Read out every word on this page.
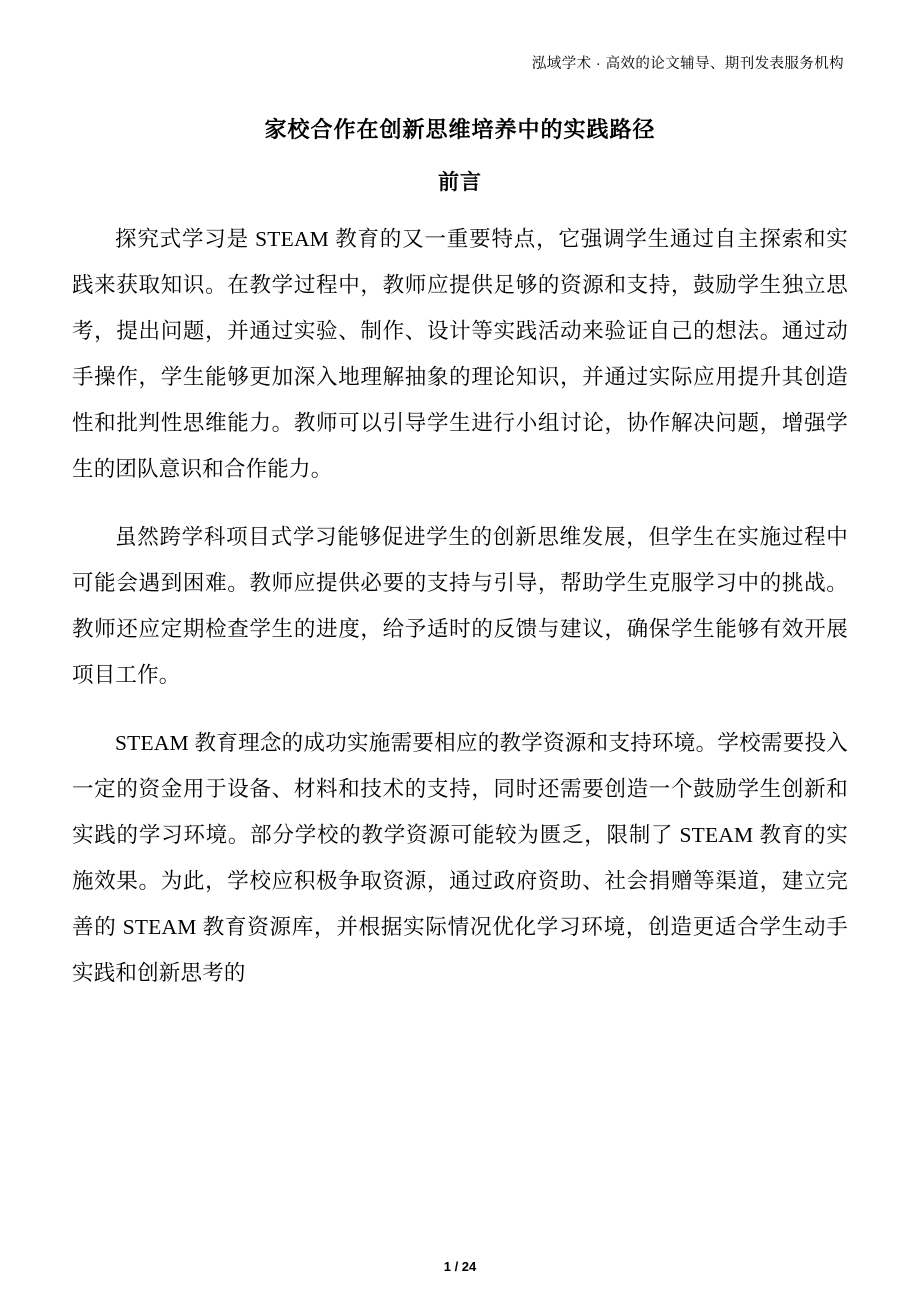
泓域学术 · 高效的论文辅导、期刊发表服务机构
家校合作在创新思维培养中的实践路径
前言

探究式学习是 STEAM 教育的又一重要特点，它强调学生通过自主探索和实践来获取知识。在教学过程中，教师应提供足够的资源和支持，鼓励学生独立思考，提出问题，并通过实验、制作、设计等实践活动来验证自己的想法。通过动手操作，学生能够更加深入地理解抽象的理论知识，并通过实际应用提升其创造性和批判性思维能力。教师可以引导学生进行小组讨论，协作解决问题，增强学生的团队意识和合作能力。

虽然跨学科项目式学习能够促进学生的创新思维发展，但学生在实施过程中可能会遇到困难。教师应提供必要的支持与引导，帮助学生克服学习中的挑战。教师还应定期检查学生的进度，给予适时的反馈与建议，确保学生能够有效开展项目工作。

STEAM 教育理念的成功实施需要相应的教学资源和支持环境。学校需要投入一定的资金用于设备、材料和技术的支持，同时还需要创造一个鼓励学生创新和实践的学习环境。部分学校的教学资源可能较为匮乏，限制了 STEAM 教育的实施效果。为此，学校应积极争取资源，通过政府资助、社会捐赠等渠道，建立完善的 STEAM 教育资源库，并根据实际情况优化学习环境，创造更适合学生动手实践和创新思考的

1 / 24
